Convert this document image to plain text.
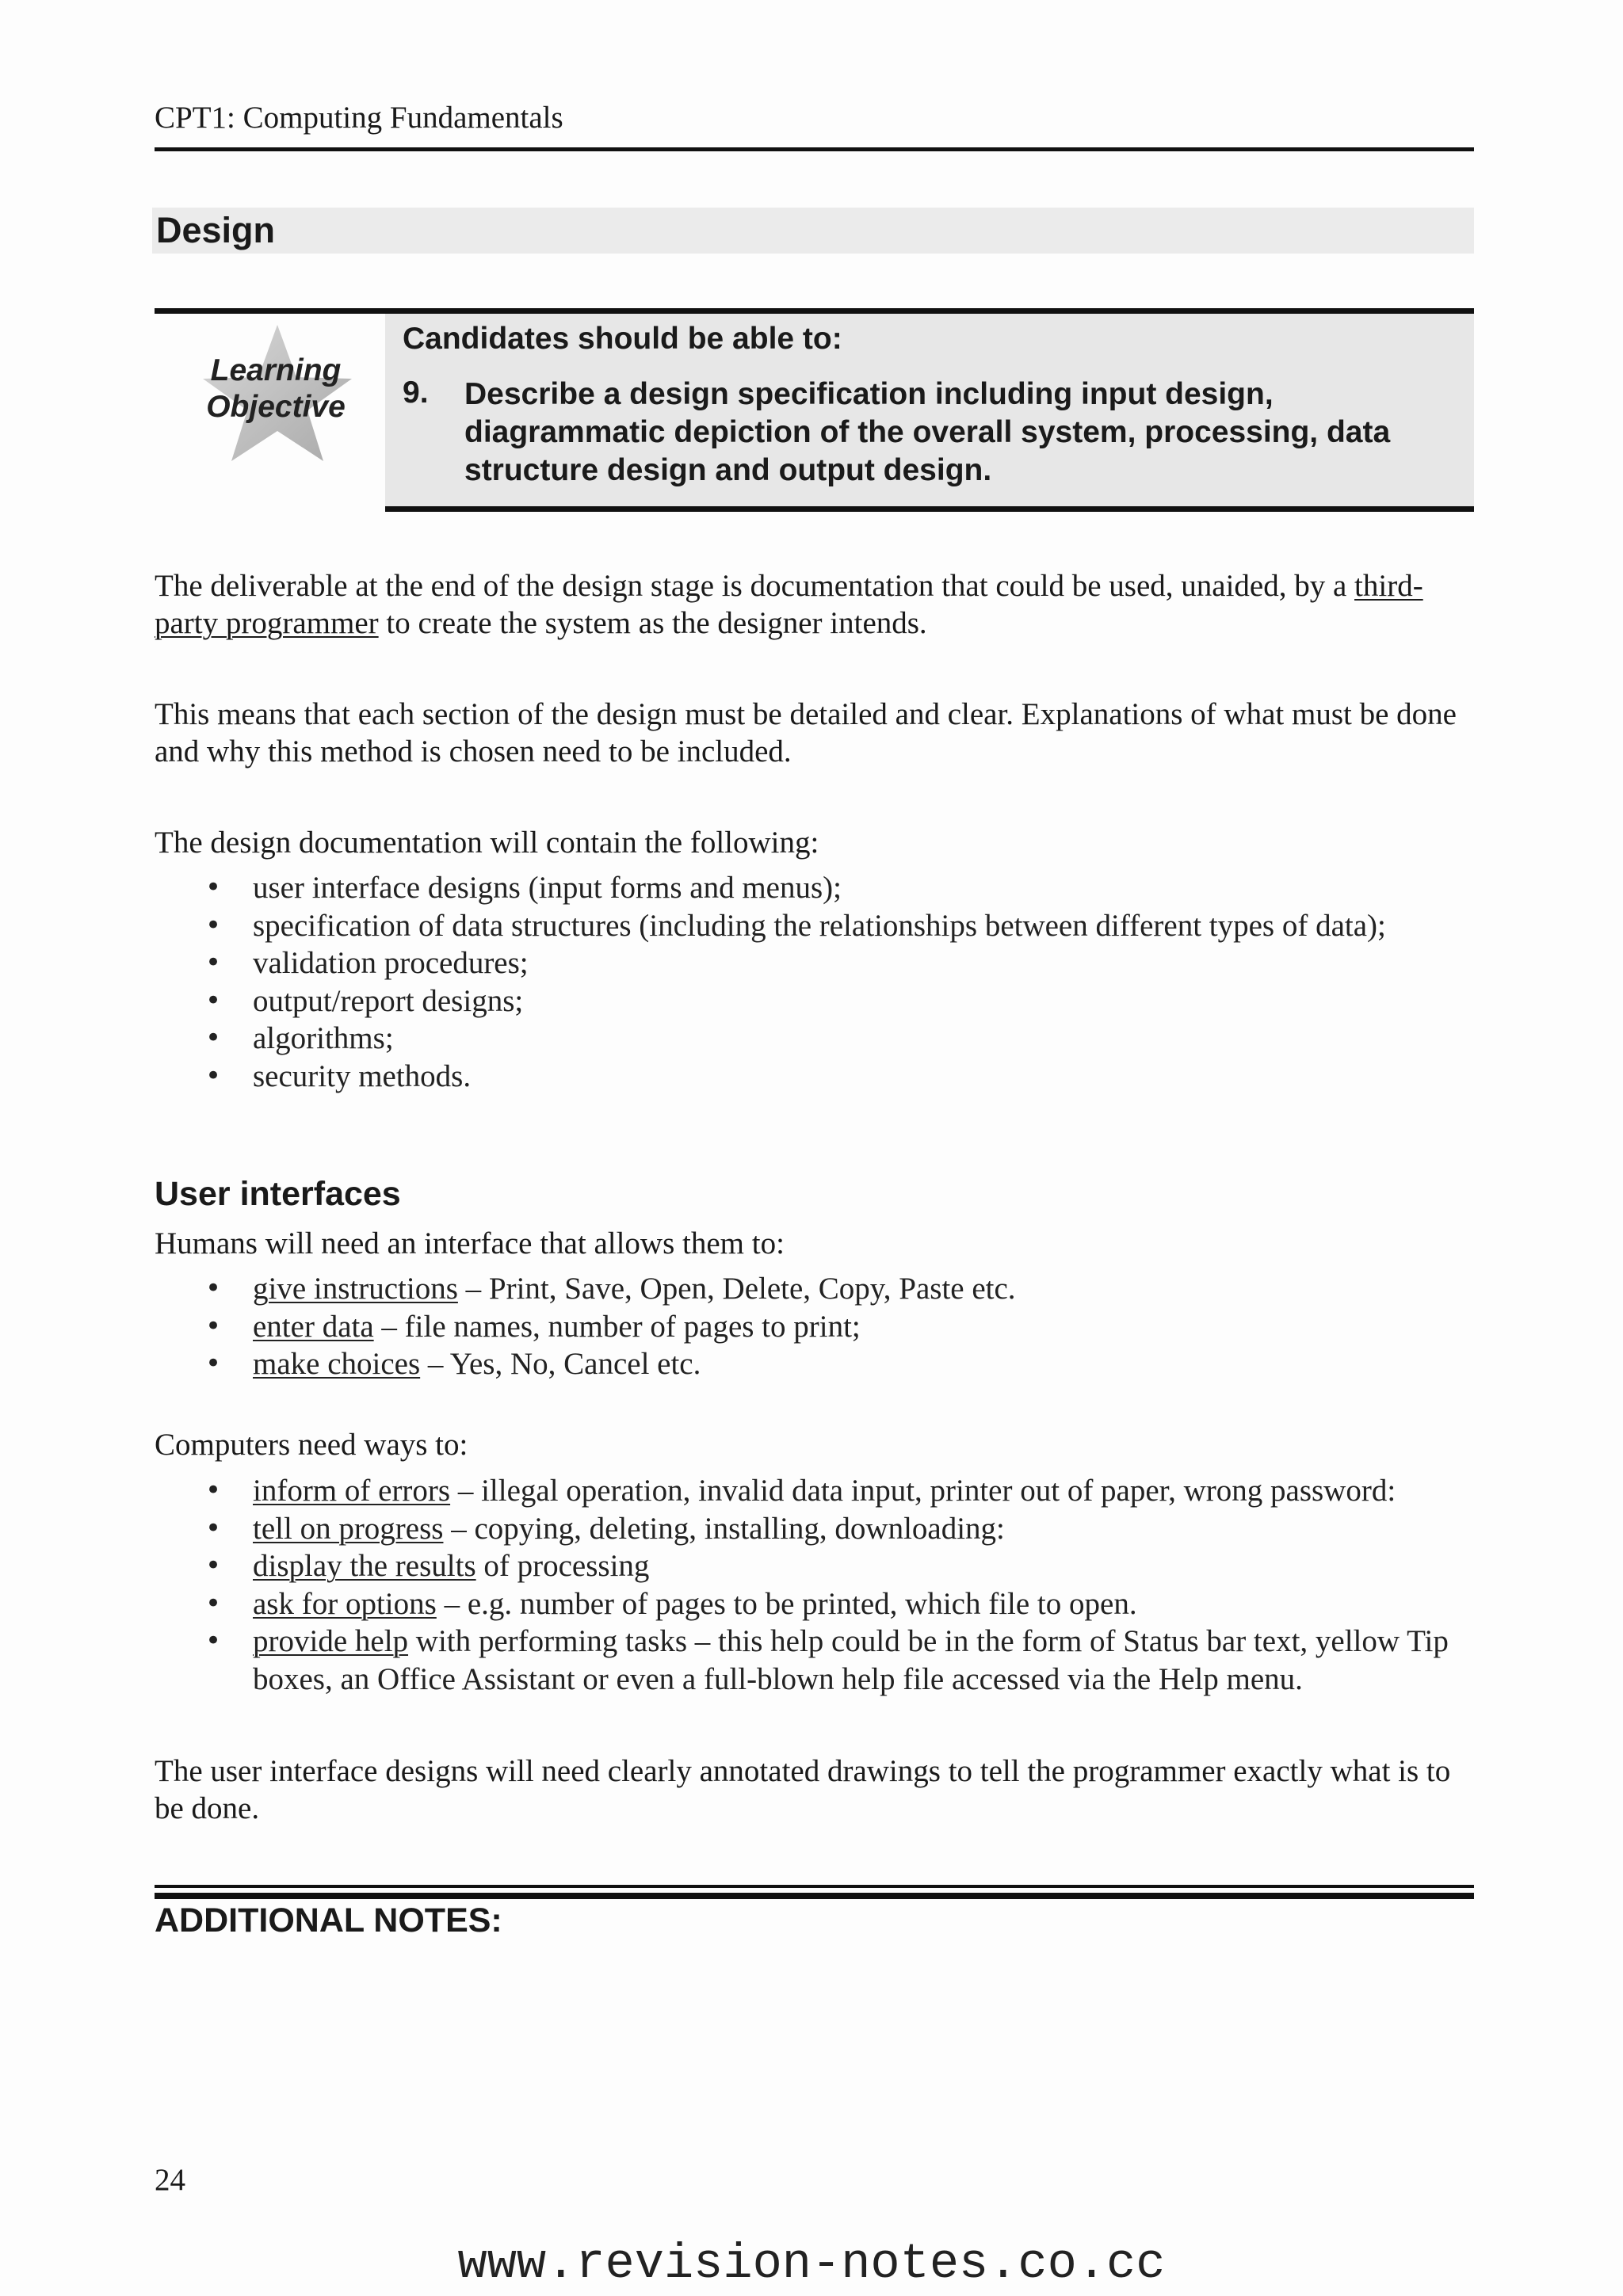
CPT1: Computing Fundamentals
Design
Learning
Objective
Candidates should be able to:
9. Describe a design specification including input design, diagrammatic depiction of the overall system, processing, data structure design and output design.
The deliverable at the end of the design stage is documentation that could be used, unaided, by a third-party programmer to create the system as the designer intends.
This means that each section of the design must be detailed and clear. Explanations of what must be done and why this method is chosen need to be included.
The design documentation will contain the following:
• user interface designs (input forms and menus);
• specification of data structures (including the relationships between different types of data);
• validation procedures;
• output/report designs;
• algorithms;
• security methods.
User interfaces
Humans will need an interface that allows them to:
• give instructions – Print, Save, Open, Delete, Copy, Paste etc.
• enter data – file names, number of pages to print;
• make choices – Yes, No, Cancel etc.
Computers need ways to:
• inform of errors – illegal operation, invalid data input, printer out of paper, wrong password:
• tell on progress – copying, deleting, installing, downloading:
• display the results of processing
• ask for options – e.g. number of pages to be printed, which file to open.
• provide help with performing tasks – this help could be in the form of Status bar text, yellow Tip boxes, an Office Assistant or even a full-blown help file accessed via the Help menu.
The user interface designs will need clearly annotated drawings to tell the programmer exactly what is to be done.
ADDITIONAL NOTES:
24
www.revision-notes.co.cc
